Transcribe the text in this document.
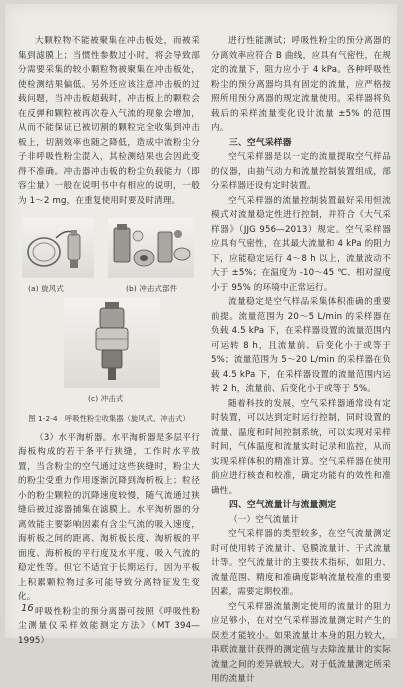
大颗粒物不能被聚集在冲击板处，而被采集到滤膜上；当惯性参数过小时，将会导致部分需要采集的较小颗粒物被聚集在冲击板处，使检测结果偏低。另外还应该注意冲击板的过载问题，当冲击板超载时，冲击板上的颗粒会在反弹和颗粒被再次卷入气流的现象会增加，从而不能保证已被切割的颗粒完全收集到冲击板上，切割效率也随之降低，造成中流粉尘分子非呼吸性粉尘混入，其检测结果也会因此变得不准确。冲击器冲击板的粉尘负载能力（即容尘量）一般在说明书中有相应的说明，一般为 1～2 mg，在重复使用时要及时清理。

(a) 旋风式	(b) 冲击式部件
(c) 冲击式
图 1-2-4　呼吸性粉尘收集器（旋风式、冲击式）

（3）水平淘析器。水平淘析器是多层平行海板构成的若干条平行狭缝，工作时水平放置，当含粉尘的空气通过这些狭缝时，粉尘大的粉尘受重力作用逐渐沉降到淘析板上；粒径小的粉尘颗粒的沉降速度较慢，随气流通过狭缝后被过滤器捕集在滤膜上。水平淘析器的分离效能主要影响因素有含尘气流的吸入速度，海析板之间的距离、淘析板长度、淘析板的平面度、海析板的平行度及水平度、吸入气流的稳定性等。但它不适宜于长期运行，因为平板上积累颗粒物过多可能导致分离特征发生变化。

呼吸性粉尘的预分离器可按照《呼吸性粉尘测量仪采样效能测定方法》（MT 394—1995）

进行性能测试；呼吸性粉尘的预分离器的分离效率应符合 B 曲线，应具有气密性，在规定的流量下，阻力应小于 4 kPa。各种呼吸性粉尘的预分离器均具有固定的流量，应严格按照所用预分离器的规定流量使用。采样器将负载后的采样流量变化设计流量 ±5% 的范围内。

三、空气采样器

空气采样器是以一定的流量提取空气样品的仪器，由抽气动力和流量控制装置组成，部分采样器还设有定时装置。

空气采样器的流量控制装置最好采用恒流模式对流量稳定性进行控制，并符合《大气采样器》（JJG 956—2013）规定。空气采样器应具有气密性，在其最大流量和 4 kPa 的阻力下，应能稳定运行 4～8 h 以上，流量波动不大于 ±5%；在温度为 -10～45 ℃、相对湿度小于 95% 的环境中正常运行。

流量稳定是空气样品采集体积准确的重要前提。流量范围为 20～5 L/min 的采样器在负载 4.5 kPa 下，在采样器设置的流量范围内可运转 8 h，且流量前、后变化小于或等于 5%；流量范围为 5～20 L/min 的采样器在负载 4.5 kPa 下，在采样器设置的流量范围内运转 2 h，流量前、后变化小于或等于 5%。

随着科技的发展，空气采样器通常设有定时装置，可以达到定时运行控制，同时设置的流量、温度和时间控制系统，可以实现对采样时间，气体温度和流量实时记录和监控，从而实现采样体积的精准计算。空气采样器在使用前应进行核查和校准，确定功能有的效性和准确性。

四、空气流量计与流量测定
（一）空气流量计

空气采样器的类型较多，在空气流量测定时可使用转子流量计、皂膜流量计、干式流量计等。空气流量计的主要技术指标，如阻力、流量范围、精度和准确度影响流量校准的重要因素，需要定期校准。

空气采样器流量测定使用的流量计的阻力应足够小，在对空气采样器流量测定时产生的误差才能较小。如果流量计本身的阻力较大，串联流量计获得的测定值与去除流量计的实际流量之间的差异就较大。对于低流量测定所采用的流量计

16
